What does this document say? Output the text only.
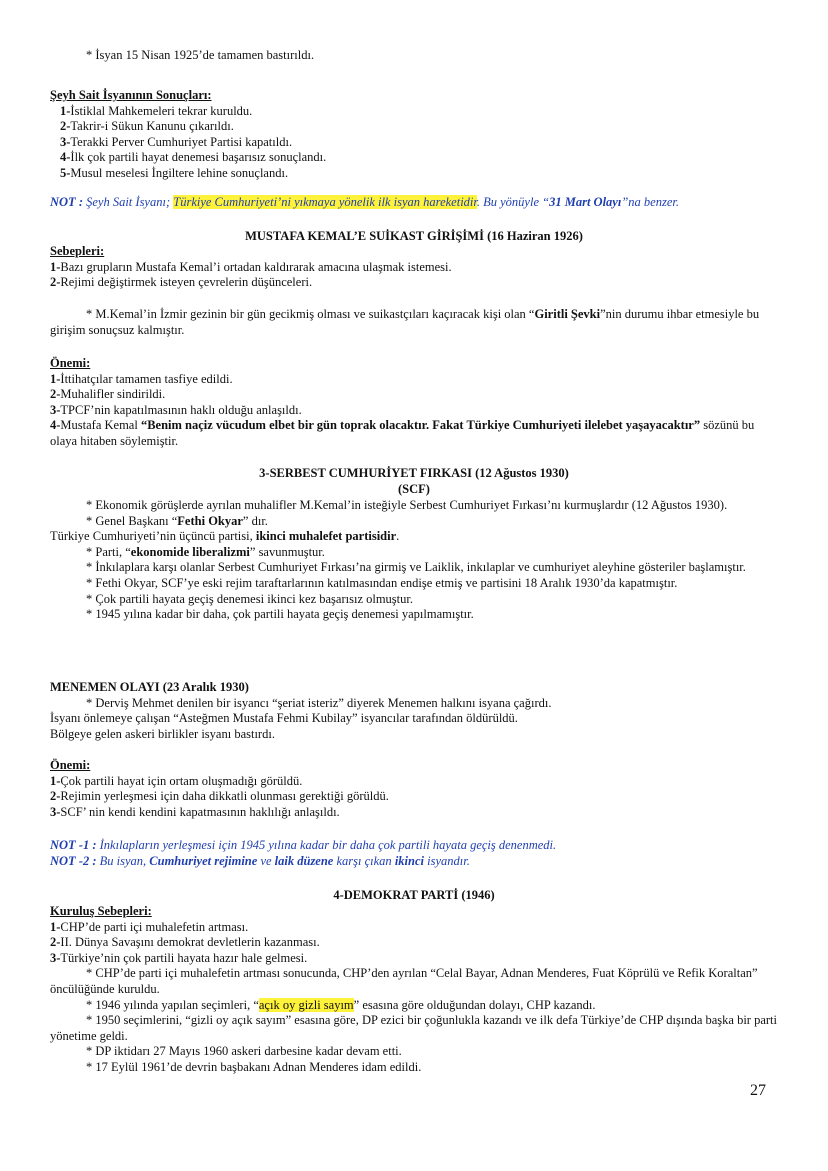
* İsyan 15 Nisan 1925’de tamamen bastırıldı.

Şeyh Sait İsyanının Sonuçları:

1-İstiklal Mahkemeleri tekrar kuruldu.

2-Takrir-i Sükun Kanunu çıkarıldı.

3-Terakki Perver Cumhuriyet Partisi kapatıldı.

4-İlk çok partili hayat denemesi başarısız sonuçlandı.

5-Musul meselesi İngiltere lehine sonuçlandı.

NOT : Şeyh Sait İsyanı; Türkiye Cumhuriyeti’ni yıkmaya yönelik ilk isyan hareketidir. Bu yönüyle “31 Mart Olayı”na benzer.

MUSTAFA KEMAL’E SUİKAST GİRİŞİMİ (16 Haziran 1926)

Sebepleri:

1-Bazı grupların Mustafa Kemal’i ortadan kaldırarak amacına ulaşmak istemesi.

2-Rejimi değiştirmek isteyen çevrelerin düşünceleri.

* M.Kemal’in İzmir gezinin bir gün gecikmiş olması ve suikastçıları kaçıracak kişi olan “Giritli Şevki”nin durumu ihbar etmesiyle bu girişim sonuçsuz kalmıştır.

Önemi:

1-İttihatçılar tamamen tasfiye edildi.

2-Muhalifler sindirildi.

3-TPCF’nin kapatılmasının haklı olduğu anlaşıldı.

4-Mustafa Kemal “Benim naçiz vücudum elbet bir gün toprak olacaktır. Fakat Türkiye Cumhuriyeti ilelebet yaşayacaktır” sözünü bu olaya hitaben söylemiştir.

3-SERBEST CUMHURİYET FIRKASI (12 Ağustos 1930)

(SCF)

* Ekonomik görüşlerde ayrılan muhalifler M.Kemal’in isteğiyle Serbest Cumhuriyet Fırkası’nı kurmuşlardır (12 Ağustos 1930).

* Genel Başkanı “Fethi Okyar” dır.

Türkiye Cumhuriyeti’nin üçüncü partisi, ikinci muhalefet partisidir.

* Parti, “ekonomide liberalizmi” savunmuştur.

* İnkılaplara karşı olanlar Serbest Cumhuriyet Fırkası’na girmiş ve Laiklik, inkılaplar ve cumhuriyet aleyhine gösteriler başlamıştır.

* Fethi Okyar, SCF’ye eski rejim taraftarlarının katılmasından endişe etmiş ve partisini 18 Aralık 1930’da kapatmıştır.

* Çok partili hayata geçiş denemesi ikinci kez başarısız olmuştur.

* 1945 yılına kadar bir daha, çok partili hayata geçiş denemesi yapılmamıştır.

MENEMEN OLAYI (23 Aralık 1930)

* Derviş Mehmet denilen bir isyancı “şeriat isteriz” diyerek Menemen halkını isyana çağırdı.

İsyanı önlemeye çalışan “Asteğmen Mustafa Fehmi Kubilay” isyancılar tarafından öldürüldü.

Bölgeye gelen askeri birlikler isyanı bastırdı.

Önemi:

1-Çok partili hayat için ortam oluşmadığı görüldü.

2-Rejimin yerleşmesi için daha dikkatli olunması gerektiği görüldü.

3-SCF’ nin kendi kendini kapatmasının haklılığı anlaşıldı.

NOT -1 : İnkılapların yerleşmesi için 1945 yılına kadar bir daha çok partili hayata geçiş denenmedi.

NOT -2 : Bu isyan, Cumhuriyet rejimine ve laik düzene karşı çıkan ikinci isyandır.

4-DEMOKRAT PARTİ (1946)

Kuruluş Sebepleri:

1-CHP’de parti içi muhalefetin artması.

2-II. Dünya Savaşını demokrat devletlerin kazanması.

3-Türkiye’nin çok partili hayata hazır hale gelmesi.

* CHP’de parti içi muhalefetin artması sonucunda, CHP’den ayrılan “Celal Bayar, Adnan Menderes, Fuat Köprülü ve Refik Koraltan” öncülüğünde kuruldu.

* 1946 yılında yapılan seçimleri, “açık oy gizli sayım” esasına göre olduğundan dolayı, CHP kazandı.

* 1950 seçimlerini, “gizli oy açık sayım” esasına göre, DP ezici bir çoğunlukla kazandı ve ilk defa Türkiye’de CHP dışında başka bir parti yönetime geldi.

* DP iktidarı 27 Mayıs 1960 askeri darbesine kadar devam etti.

* 17 Eylül 1961’de devrin başbakanı Adnan Menderes idam edildi.

27
